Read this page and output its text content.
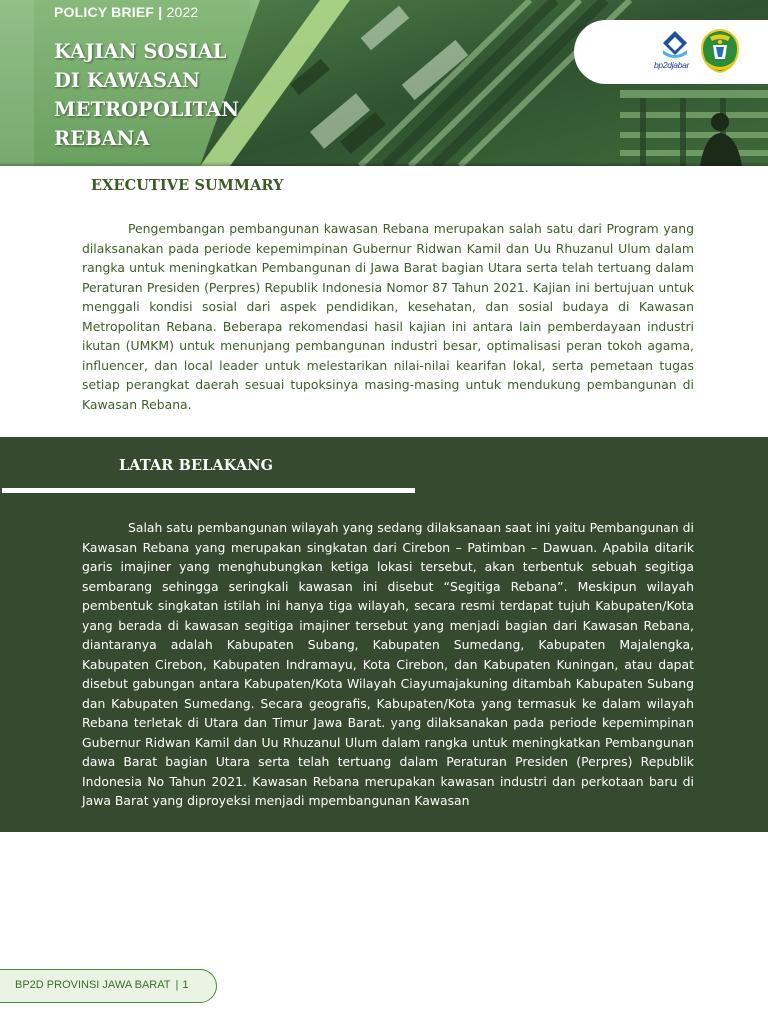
POLICY BRIEF | 2022
KAJIAN SOSIAL
DI KAWASAN
METROPOLITAN
REBANA
bp2djabar
EXECUTIVE SUMMARY

Pengembangan pembangunan kawasan Rebana merupakan salah satu dari Program yang dilaksanakan pada periode kepemimpinan Gubernur Ridwan Kamil dan Uu Rhuzanul Ulum dalam rangka untuk meningkatkan Pembangunan di Jawa Barat bagian Utara serta telah tertuang dalam Peraturan Presiden (Perpres) Republik Indonesia Nomor 87 Tahun 2021. Kajian ini bertujuan untuk menggali kondisi sosial dari aspek pendidikan, kesehatan, dan sosial budaya di Kawasan Metropolitan Rebana. Beberapa rekomendasi hasil kajian ini antara lain pemberdayaan industri ikutan (UMKM) untuk menunjang pembangunan industri besar, optimalisasi peran tokoh agama, influencer, dan local leader untuk melestarikan nilai-nilai kearifan lokal, serta pemetaan tugas setiap perangkat daerah sesuai tupoksinya masing-masing untuk mendukung pembangunan di Kawasan Rebana.

LATAR BELAKANG

Salah satu pembangunan wilayah yang sedang dilaksanaan saat ini yaitu Pembangunan di Kawasan Rebana yang merupakan singkatan dari Cirebon – Patimban – Dawuan. Apabila ditarik garis imajiner yang menghubungkan ketiga lokasi tersebut, akan terbentuk sebuah segitiga sembarang sehingga seringkali kawasan ini disebut “Segitiga Rebana”. Meskipun wilayah pembentuk singkatan istilah ini hanya tiga wilayah, secara resmi terdapat tujuh Kabupaten/Kota yang berada di kawasan segitiga imajiner tersebut yang menjadi bagian dari Kawasan Rebana, diantaranya adalah Kabupaten Subang, Kabupaten Sumedang, Kabupaten Majalengka, Kabupaten Cirebon, Kabupaten Indramayu, Kota Cirebon, dan Kabupaten Kuningan, atau dapat disebut gabungan antara Kabupaten/Kota Wilayah Ciayumajakuning ditambah Kabupaten Subang dan Kabupaten Sumedang. Secara geografis, Kabupaten/Kota yang termasuk ke dalam wilayah Rebana terletak di Utara dan Timur Jawa Barat. yang dilaksanakan pada periode kepemimpinan Gubernur Ridwan Kamil dan Uu Rhuzanul Ulum dalam rangka untuk meningkatkan Pembangunan dawa Barat bagian Utara serta telah tertuang dalam Peraturan Presiden (Perpres) Republik Indonesia No Tahun 2021. Kawasan Rebana merupakan kawasan industri dan perkotaan baru di Jawa Barat yang diproyeksi menjadi mpembangunan Kawasan

BP2D PROVINSI JAWA BARAT | 1
